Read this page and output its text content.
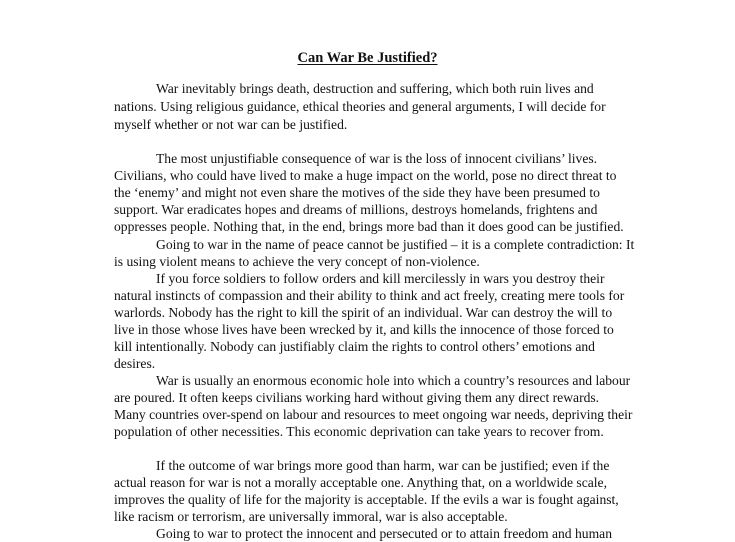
Can War Be Justified?
War inevitably brings death, destruction and suffering, which both ruin lives and
nations. Using religious guidance, ethical theories and general arguments, I will decide for
myself whether or not war can be justified.
The most unjustifiable consequence of war is the loss of innocent civilians’ lives.
Civilians, who could have lived to make a huge impact on the world, pose no direct threat to
the ‘enemy’ and might not even share the motives of the side they have been presumed to
support. War eradicates hopes and dreams of millions, destroys homelands, frightens and
oppresses people. Nothing that, in the end, brings more bad than it does good can be justified.
Going to war in the name of peace cannot be justified – it is a complete contradiction: It
is using violent means to achieve the very concept of non-violence.
If you force soldiers to follow orders and kill mercilessly in wars you destroy their
natural instincts of compassion and their ability to think and act freely, creating mere tools for
warlords. Nobody has the right to kill the spirit of an individual. War can destroy the will to
live in those whose lives have been wrecked by it, and kills the innocence of those forced to
kill intentionally. Nobody can justifiably claim the rights to control others’ emotions and
desires.
War is usually an enormous economic hole into which a country’s resources and labour
are poured. It often keeps civilians working hard without giving them any direct rewards.
Many countries over-spend on labour and resources to meet ongoing war needs, depriving their
population of other necessities. This economic deprivation can take years to recover from.
If the outcome of war brings more good than harm, war can be justified; even if the
actual reason for war is not a morally acceptable one. Anything that, on a worldwide scale,
improves the quality of life for the majority is acceptable. If the evils a war is fought against,
like racism or terrorism, are universally immoral, war is also acceptable.
Going to war to protect the innocent and persecuted or to attain freedom and human
